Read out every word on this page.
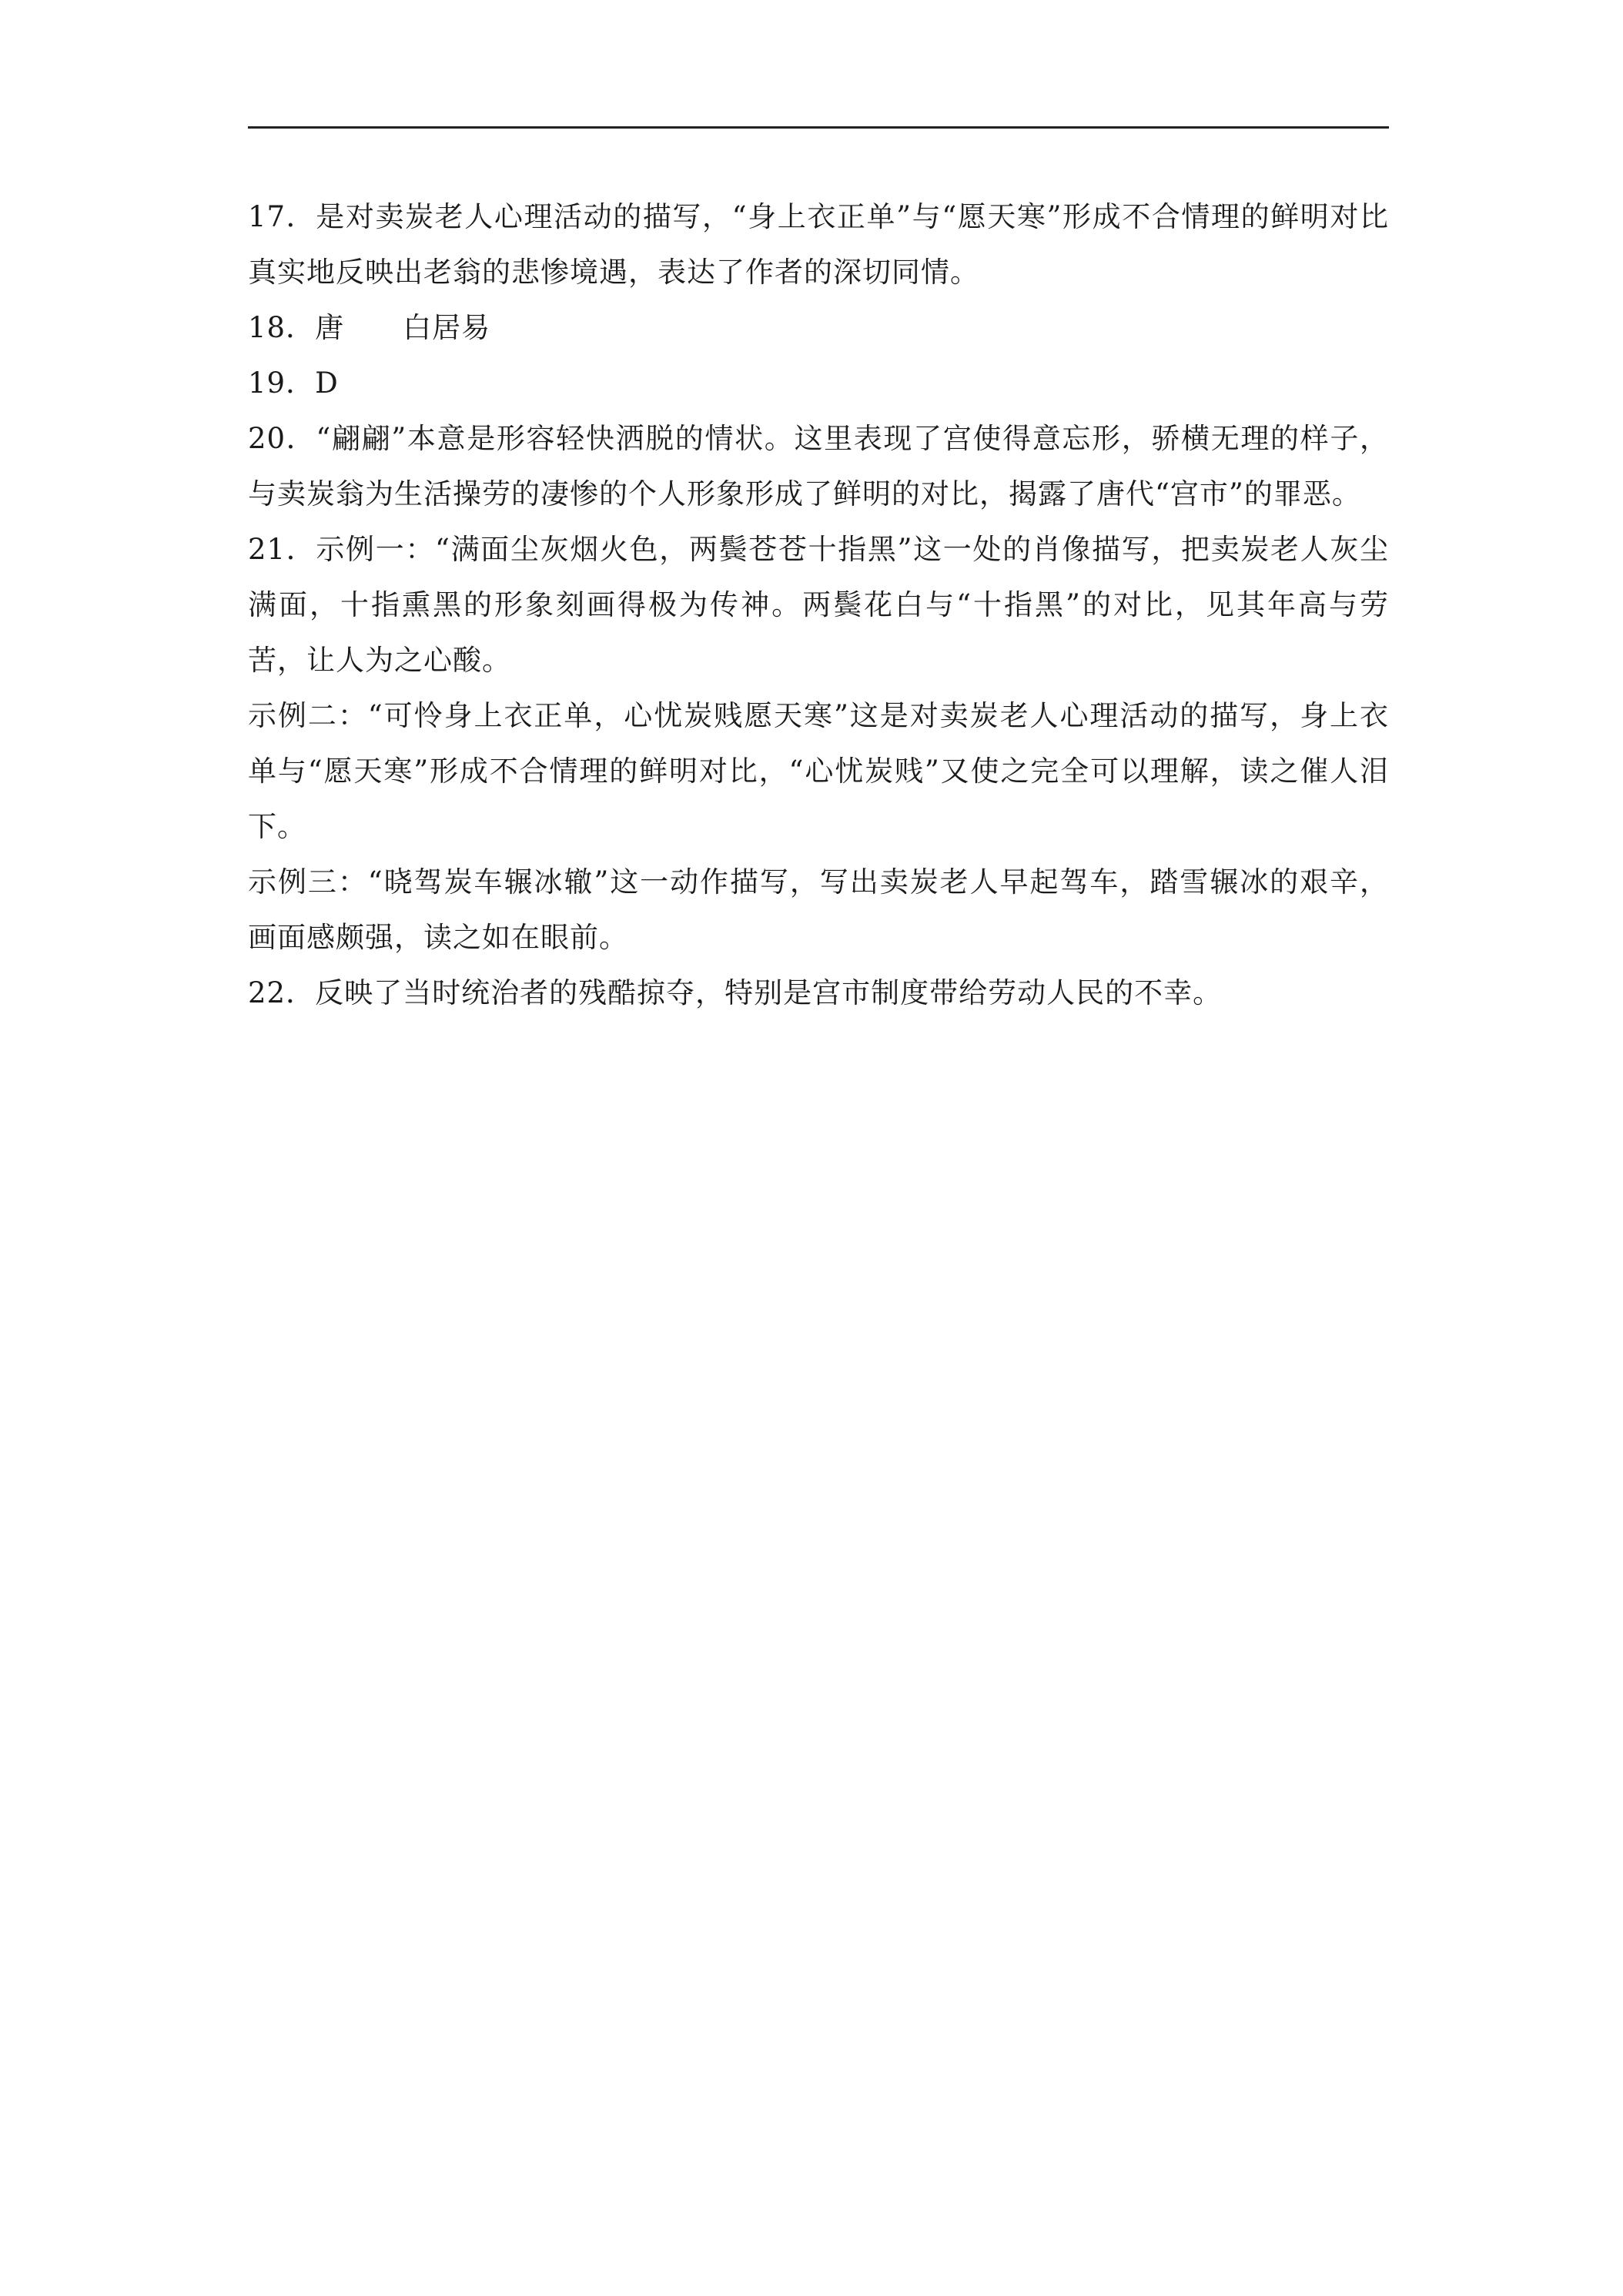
17．是对卖炭老人心理活动的描写，“身上衣正单”与“愿天寒”形成不合情理的鲜明对比真实地反映出老翁的悲惨境遇，表达了作者的深切同情。

18．唐　　白居易

19．D

20．“翩翩”本意是形容轻快洒脱的情状。这里表现了宫使得意忘形，骄横无理的样子，与卖炭翁为生活操劳的凄惨的个人形象形成了鲜明的对比，揭露了唐代“宫市”的罪恶。

21．示例一：“满面尘灰烟火色，两鬓苍苍十指黑”这一处的肖像描写，把卖炭老人灰尘满面，十指熏黑的形象刻画得极为传神。两鬓花白与“十指黑”的对比，见其年高与劳苦，让人为之心酸。

示例二：“可怜身上衣正单，心忧炭贱愿天寒”这是对卖炭老人心理活动的描写，身上衣单与“愿天寒”形成不合情理的鲜明对比，“心忧炭贱”又使之完全可以理解，读之催人泪下。

示例三：“晓驾炭车辗冰辙”这一动作描写，写出卖炭老人早起驾车，踏雪辗冰的艰辛，画面感颇强，读之如在眼前。

22．反映了当时统治者的残酷掠夺，特别是宫市制度带给劳动人民的不幸。
